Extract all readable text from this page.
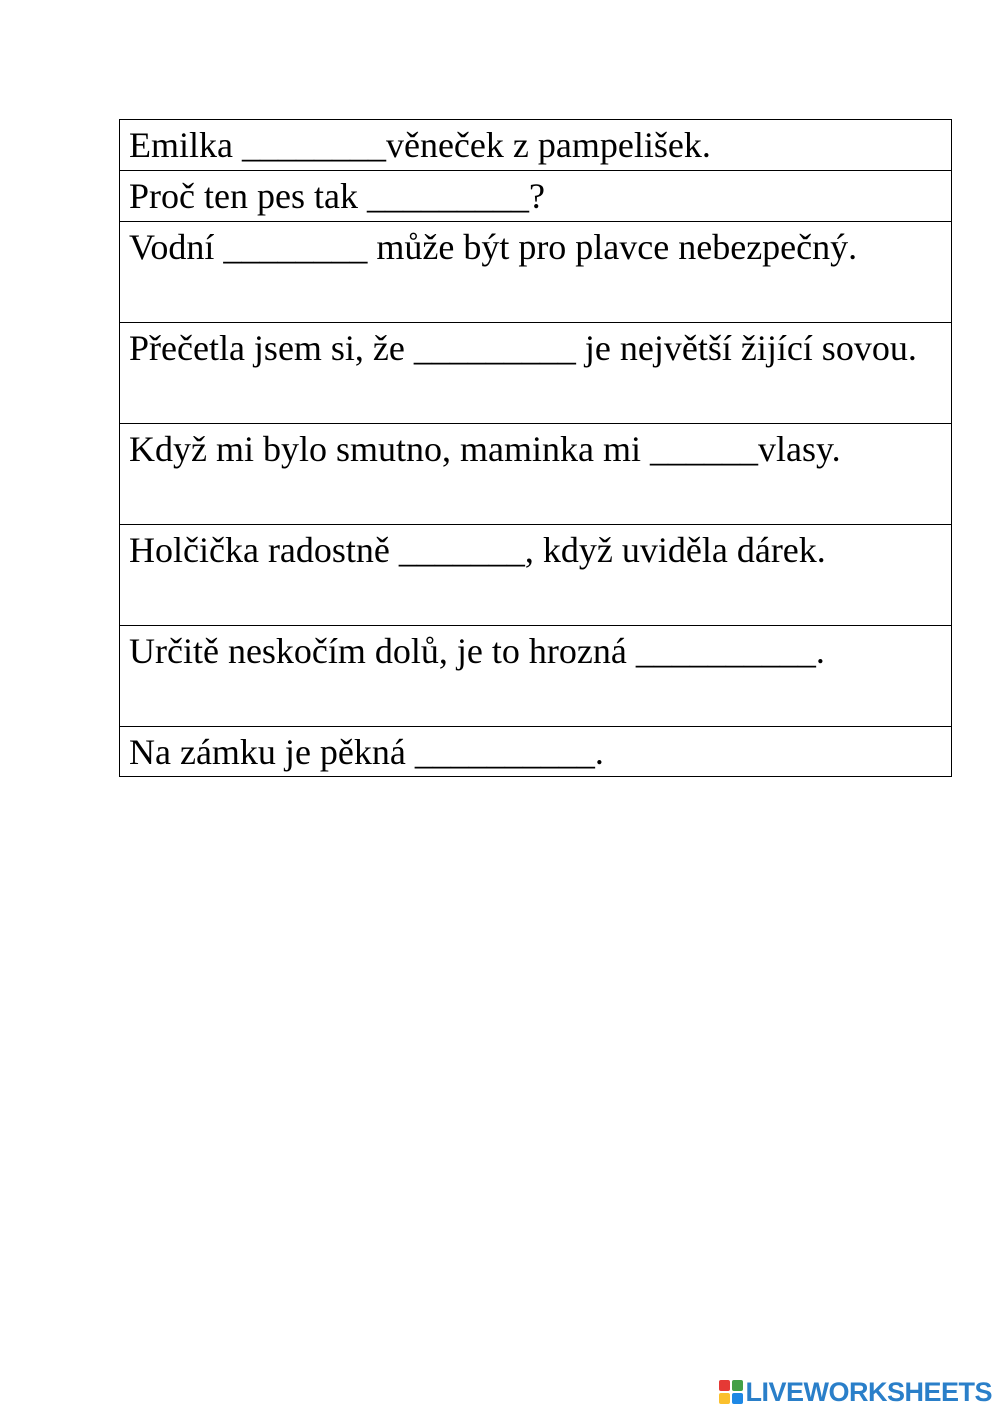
Emilka ________věneček z pampelišek.

Proč ten pes tak _________?

Vodní ________ může být pro plavce nebezpečný.

Přečetla jsem si, že _________ je největší žijící sovou.

Když mi bylo smutno, maminka mi ______vlasy.

Holčička radostně _______, když uviděla dárek.

Určitě neskočím dolů, je to hrozná __________.

Na zámku je pěkná __________.
LIVEWORKSHEETS
